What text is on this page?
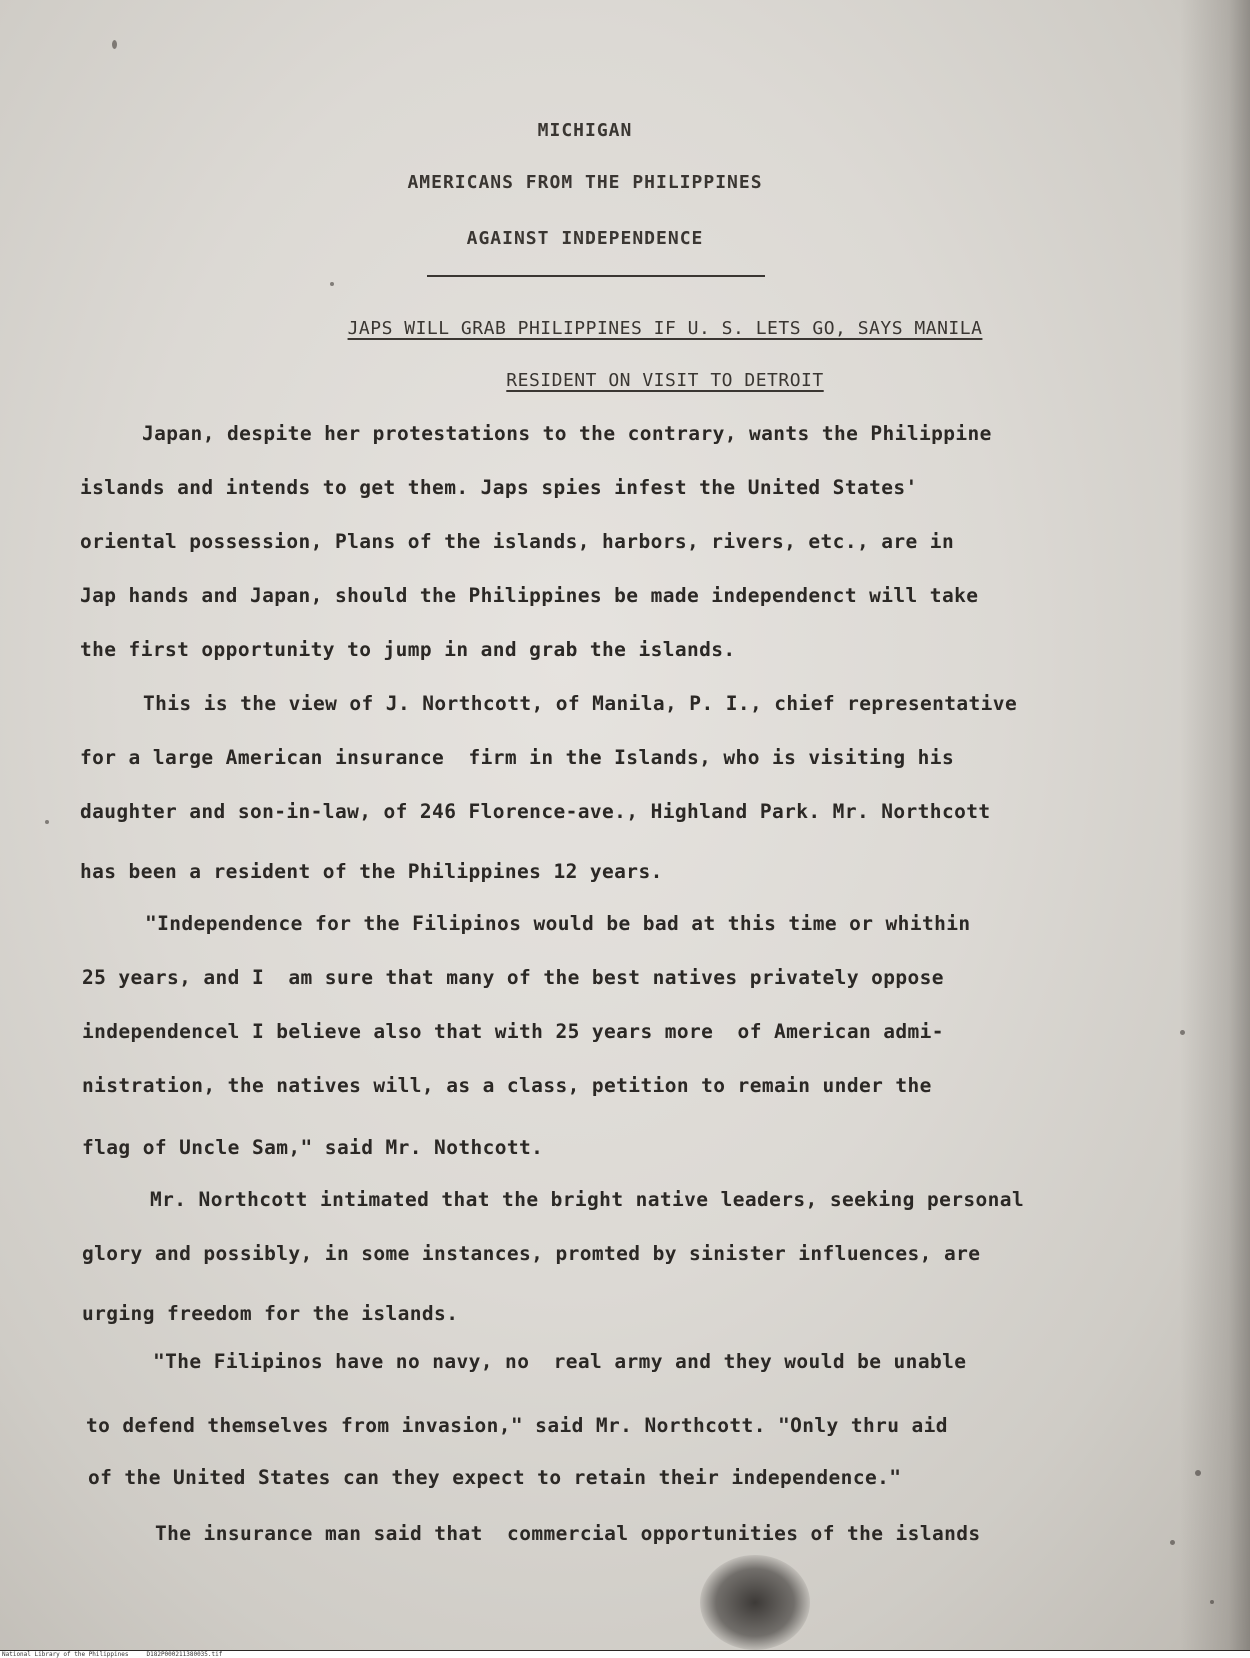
MICHIGAN
AMERICANS FROM THE PHILIPPINES
AGAINST INDEPENDENCE
JAPS WILL GRAB PHILIPPINES IF U. S. LETS GO, SAYS MANILA
RESIDENT ON VISIT TO DETROIT
Japan, despite her protestations to the contrary, wants the Philippine
islands and intends to get them. Japs spies infest the United States'
oriental possession, Plans of the islands, harbors, rivers, etc., are in
Jap hands and Japan, should the Philippines be made independenct will take
the first opportunity to jump in and grab the islands.
This is the view of J. Northcott, of Manila, P. I., chief representative
for a large American insurance  firm in the Islands, who is visiting his
daughter and son-in-law, of 246 Florence-ave., Highland Park. Mr. Northcott
has been a resident of the Philippines 12 years.
"Independence for the Filipinos would be bad at this time or whithin
25 years, and I  am sure that many of the best natives privately oppose
independencel I believe also that with 25 years more  of American admi-
nistration, the natives will, as a class, petition to remain under the
flag of Uncle Sam," said Mr. Nothcott.
Mr. Northcott intimated that the bright native leaders, seeking personal
glory and possibly, in some instances, promted by sinister influences, are
urging freedom for the islands.
"The Filipinos have no navy, no  real army and they would be unable
to defend themselves from invasion," said Mr. Northcott. "Only thru aid
of the United States can they expect to retain their independence."
The insurance man said that  commercial opportunities of the islands
National Library of the Philippines	D182P000211380035.tif
